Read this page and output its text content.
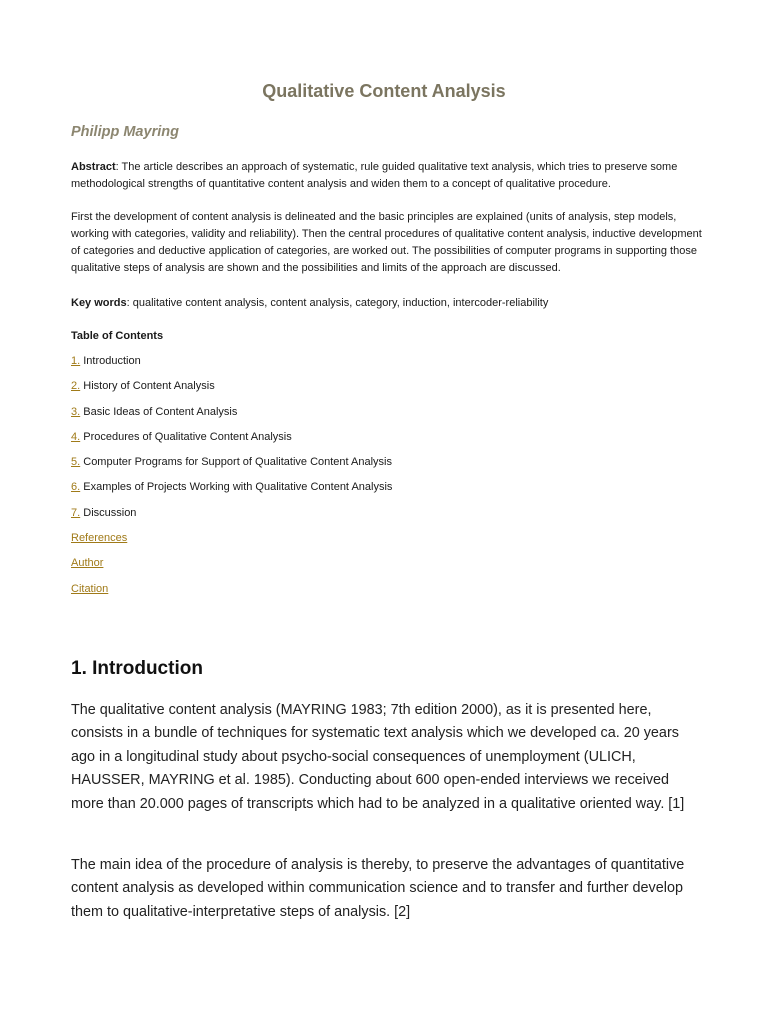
Qualitative Content Analysis

Philipp Mayring

Abstract: The article describes an approach of systematic, rule guided qualitative text analysis, which tries to preserve some methodological strengths of quantitative content analysis and widen them to a concept of qualitative procedure.

First the development of content analysis is delineated and the basic principles are explained (units of analysis, step models, working with categories, validity and reliability). Then the central procedures of qualitative content analysis, inductive development of categories and deductive application of categories, are worked out. The possibilities of computer programs in supporting those qualitative steps of analysis are shown and the possibilities and limits of the approach are discussed.

Key words: qualitative content analysis, content analysis, category, induction, intercoder-reliability

Table of Contents

1. Introduction
2. History of Content Analysis
3. Basic Ideas of Content Analysis
4. Procedures of Qualitative Content Analysis
5. Computer Programs for Support of Qualitative Content Analysis
6. Examples of Projects Working with Qualitative Content Analysis
7. Discussion
References
Author
Citation
1. Introduction

The qualitative content analysis (MAYRING 1983; 7th edition 2000), as it is presented here, consists in a bundle of techniques for systematic text analysis which we developed ca. 20 years ago in a longitudinal study about psycho-social consequences of unemployment (ULICH, HAUSSER, MAYRING et al. 1985). Conducting about 600 open-ended interviews we received more than 20.000 pages of transcripts which had to be analyzed in a qualitative oriented way. [1]

The main idea of the procedure of analysis is thereby, to preserve the advantages of quantitative content analysis as developed within communication science and to transfer and further develop them to qualitative-interpretative steps of analysis. [2]
